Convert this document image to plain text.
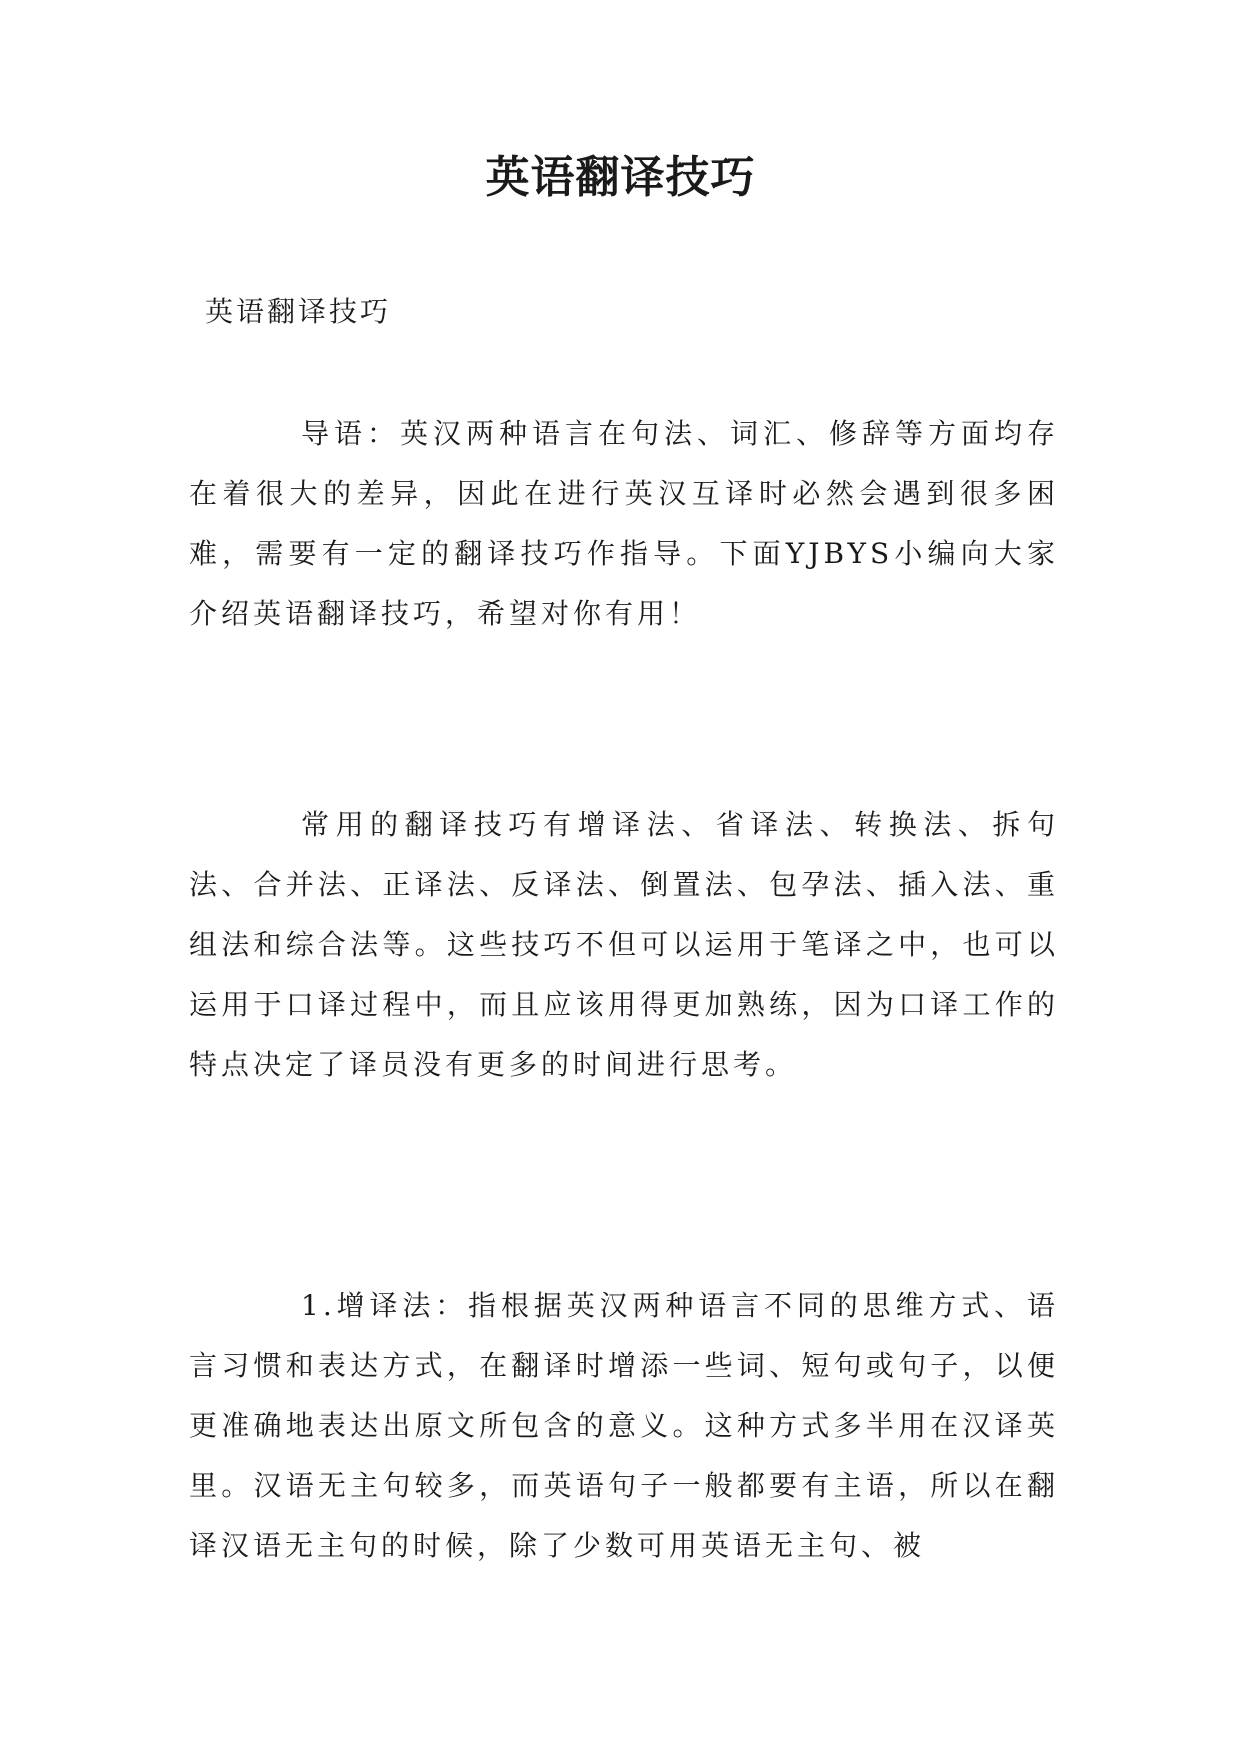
英语翻译技巧

英语翻译技巧

导语：英汉两种语言在句法、词汇、修辞等方面均存在着很大的差异，因此在进行英汉互译时必然会遇到很多困难，需要有一定的翻译技巧作指导。下面YJBYS小编向大家介绍英语翻译技巧，希望对你有用！

常用的翻译技巧有增译法、省译法、转换法、拆句法、合并法、正译法、反译法、倒置法、包孕法、插入法、重组法和综合法等。这些技巧不但可以运用于笔译之中，也可以运用于口译过程中，而且应该用得更加熟练，因为口译工作的特点决定了译员没有更多的时间进行思考。

1.增译法：指根据英汉两种语言不同的思维方式、语言习惯和表达方式，在翻译时增添一些词、短句或句子，以便更准确地表达出原文所包含的意义。这种方式多半用在汉译英里。汉语无主句较多，而英语句子一般都要有主语，所以在翻译汉语无主句的时候，除了少数可用英语无主句、被
